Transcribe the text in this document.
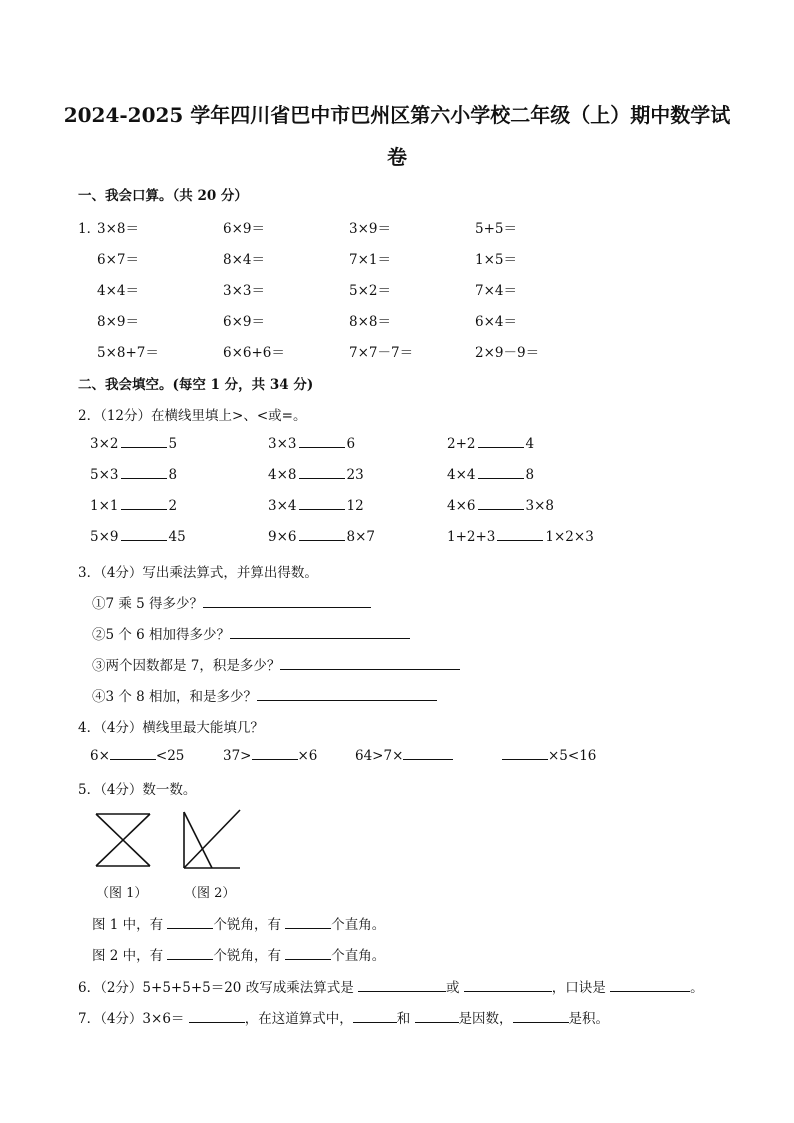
2024-2025 学年四川省巴中市巴州区第六小学校二年级（上）期中数学试
卷
一、我会口算。（共 20 分）
1．
3×8＝	6×9＝	3×9＝	5+5＝
6×7＝	8×4＝	7×1＝	1×5＝
4×4＝	3×3＝	5×2＝	7×4＝
8×9＝	6×9＝	8×8＝	6×4＝
5×8+7＝	6×6+6＝	7×7－7＝	2×9－9＝
二、我会填空。(每空 1 分，共 34 分)
2．（12分）在横线里填上>、<或=。
3×2	5	3×3	6	2+2	4
5×3	8	4×8	23	4×4	8
1×1	2	3×4	12	4×6	3×8
5×9	45	9×6	8×7	1+2+3	1×2×3
3．（4分）写出乘法算式，并算出得数。
①7 乘 5 得多少？
②5 个 6 相加得多少？
③两个因数都是 7，积是多少？
④3 个 8 相加，和是多少？
4．（4分）横线里最大能填几？
6×	<25	37>	×6	64>7×	×5<16
5．（4分）数一数。
（图 1）	（图 2）
图 1 中，有	个锐角，有	个直角。
图 2 中，有	个锐角，有	个直角。
6．（2分）5+5+5+5＝20 改写成乘法算式是	或	，口诀是	。
7．（4分）3×6＝	，在这道算式中，	和	是因数，	是积。
